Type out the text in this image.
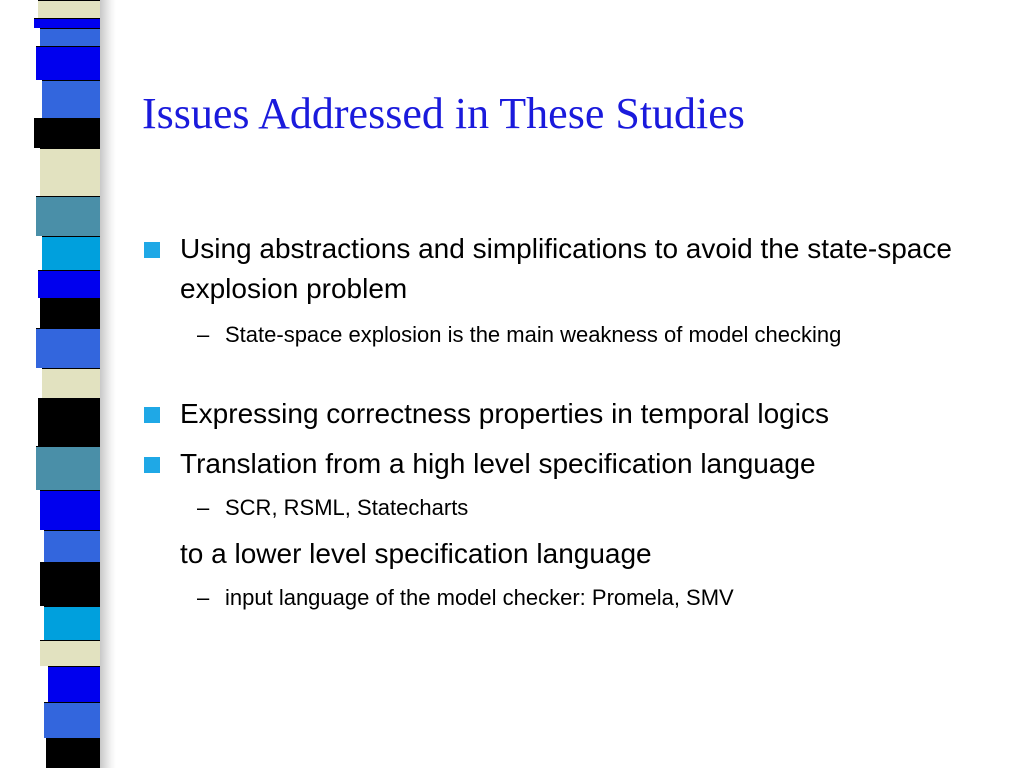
Issues Addressed in These Studies
Using abstractions and simplifications to avoid the state-space explosion problem
– State-space explosion is the main weakness of model checking
Expressing correctness properties in temporal logics
Translation from a high level specification language
– SCR, RSML, Statecharts
to a lower level specification language
– input language of the model checker: Promela, SMV
